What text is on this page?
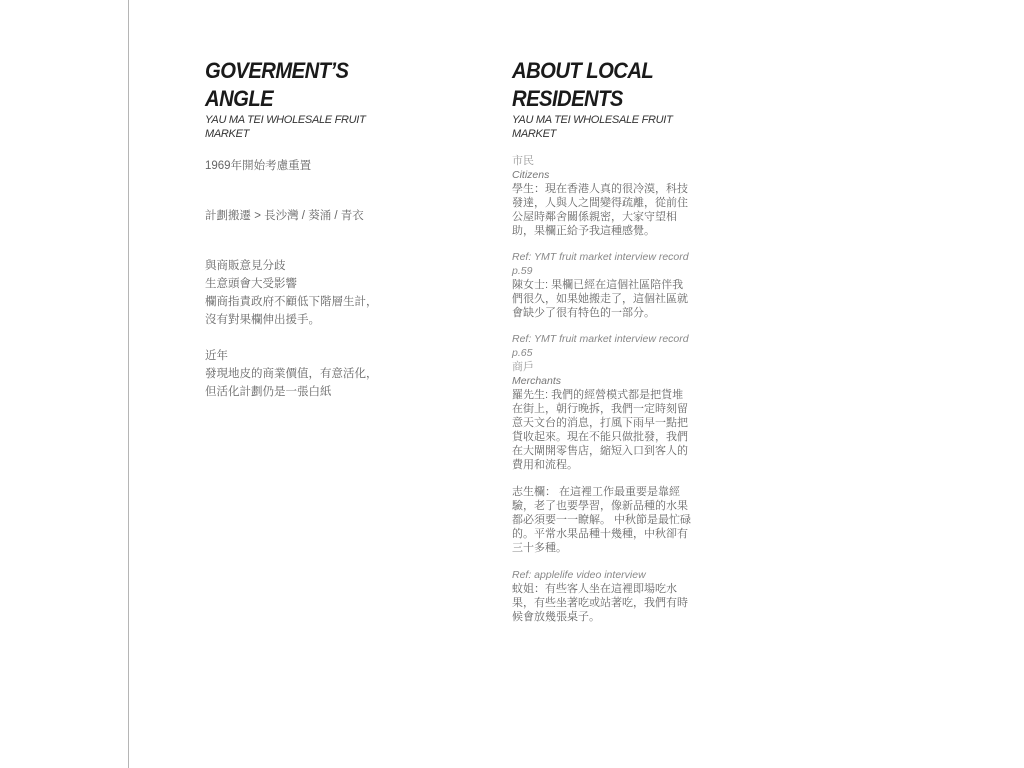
GOVERMENT’S
ANGLE
YAU MA TEI WHOLESALE FRUIT
MARKET

1969年開始考慮重置

計劃搬遷 > 長沙灣 / 葵涌 / 青衣

與商販意見分歧

生意頭會大受影響

欄商指責政府不顧低下階層生計，

沒有對果欄伸出援手。

近年

發現地皮的商業價值，有意活化，

但活化計劃仍是一張白紙

ABOUT LOCAL
RESIDENTS
YAU MA TEI WHOLESALE FRUIT
MARKET

市民

Citizens

學生：現在香港人真的很冷漠，科技發達，人與人之間變得疏離，從前住公屋時鄰舍關係親密，大家守望相助，果欄正給予我這種感覺。

Ref: YMT fruit market interview record
p.59

陳女士: 果欄已經在這個社區陪伴我們很久，如果她搬走了，這個社區就會缺少了很有特色的一部分。

Ref: YMT fruit market interview record
p.65

商戶

Merchants

羅先生: 我們的經營模式都是把貨堆在街上，朝行晚拆，我們一定時刻留意天文台的消息，打風下雨早一點把貨收起來。現在不能只做批發，我們在大閘開零售店，縮短入口到客人的費用和流程。

志生欄： 在這裡工作最重要是靠經驗，老了也要學習，像新品種的水果都必須要一一瞭解。 中秋節是最忙碌的。平常水果品種十幾種，中秋卻有三十多種。

Ref: applelife video interview

蚊姐：有些客人坐在這裡即場吃水果，有些坐著吃或站著吃，我們有時候會放幾張桌子。
